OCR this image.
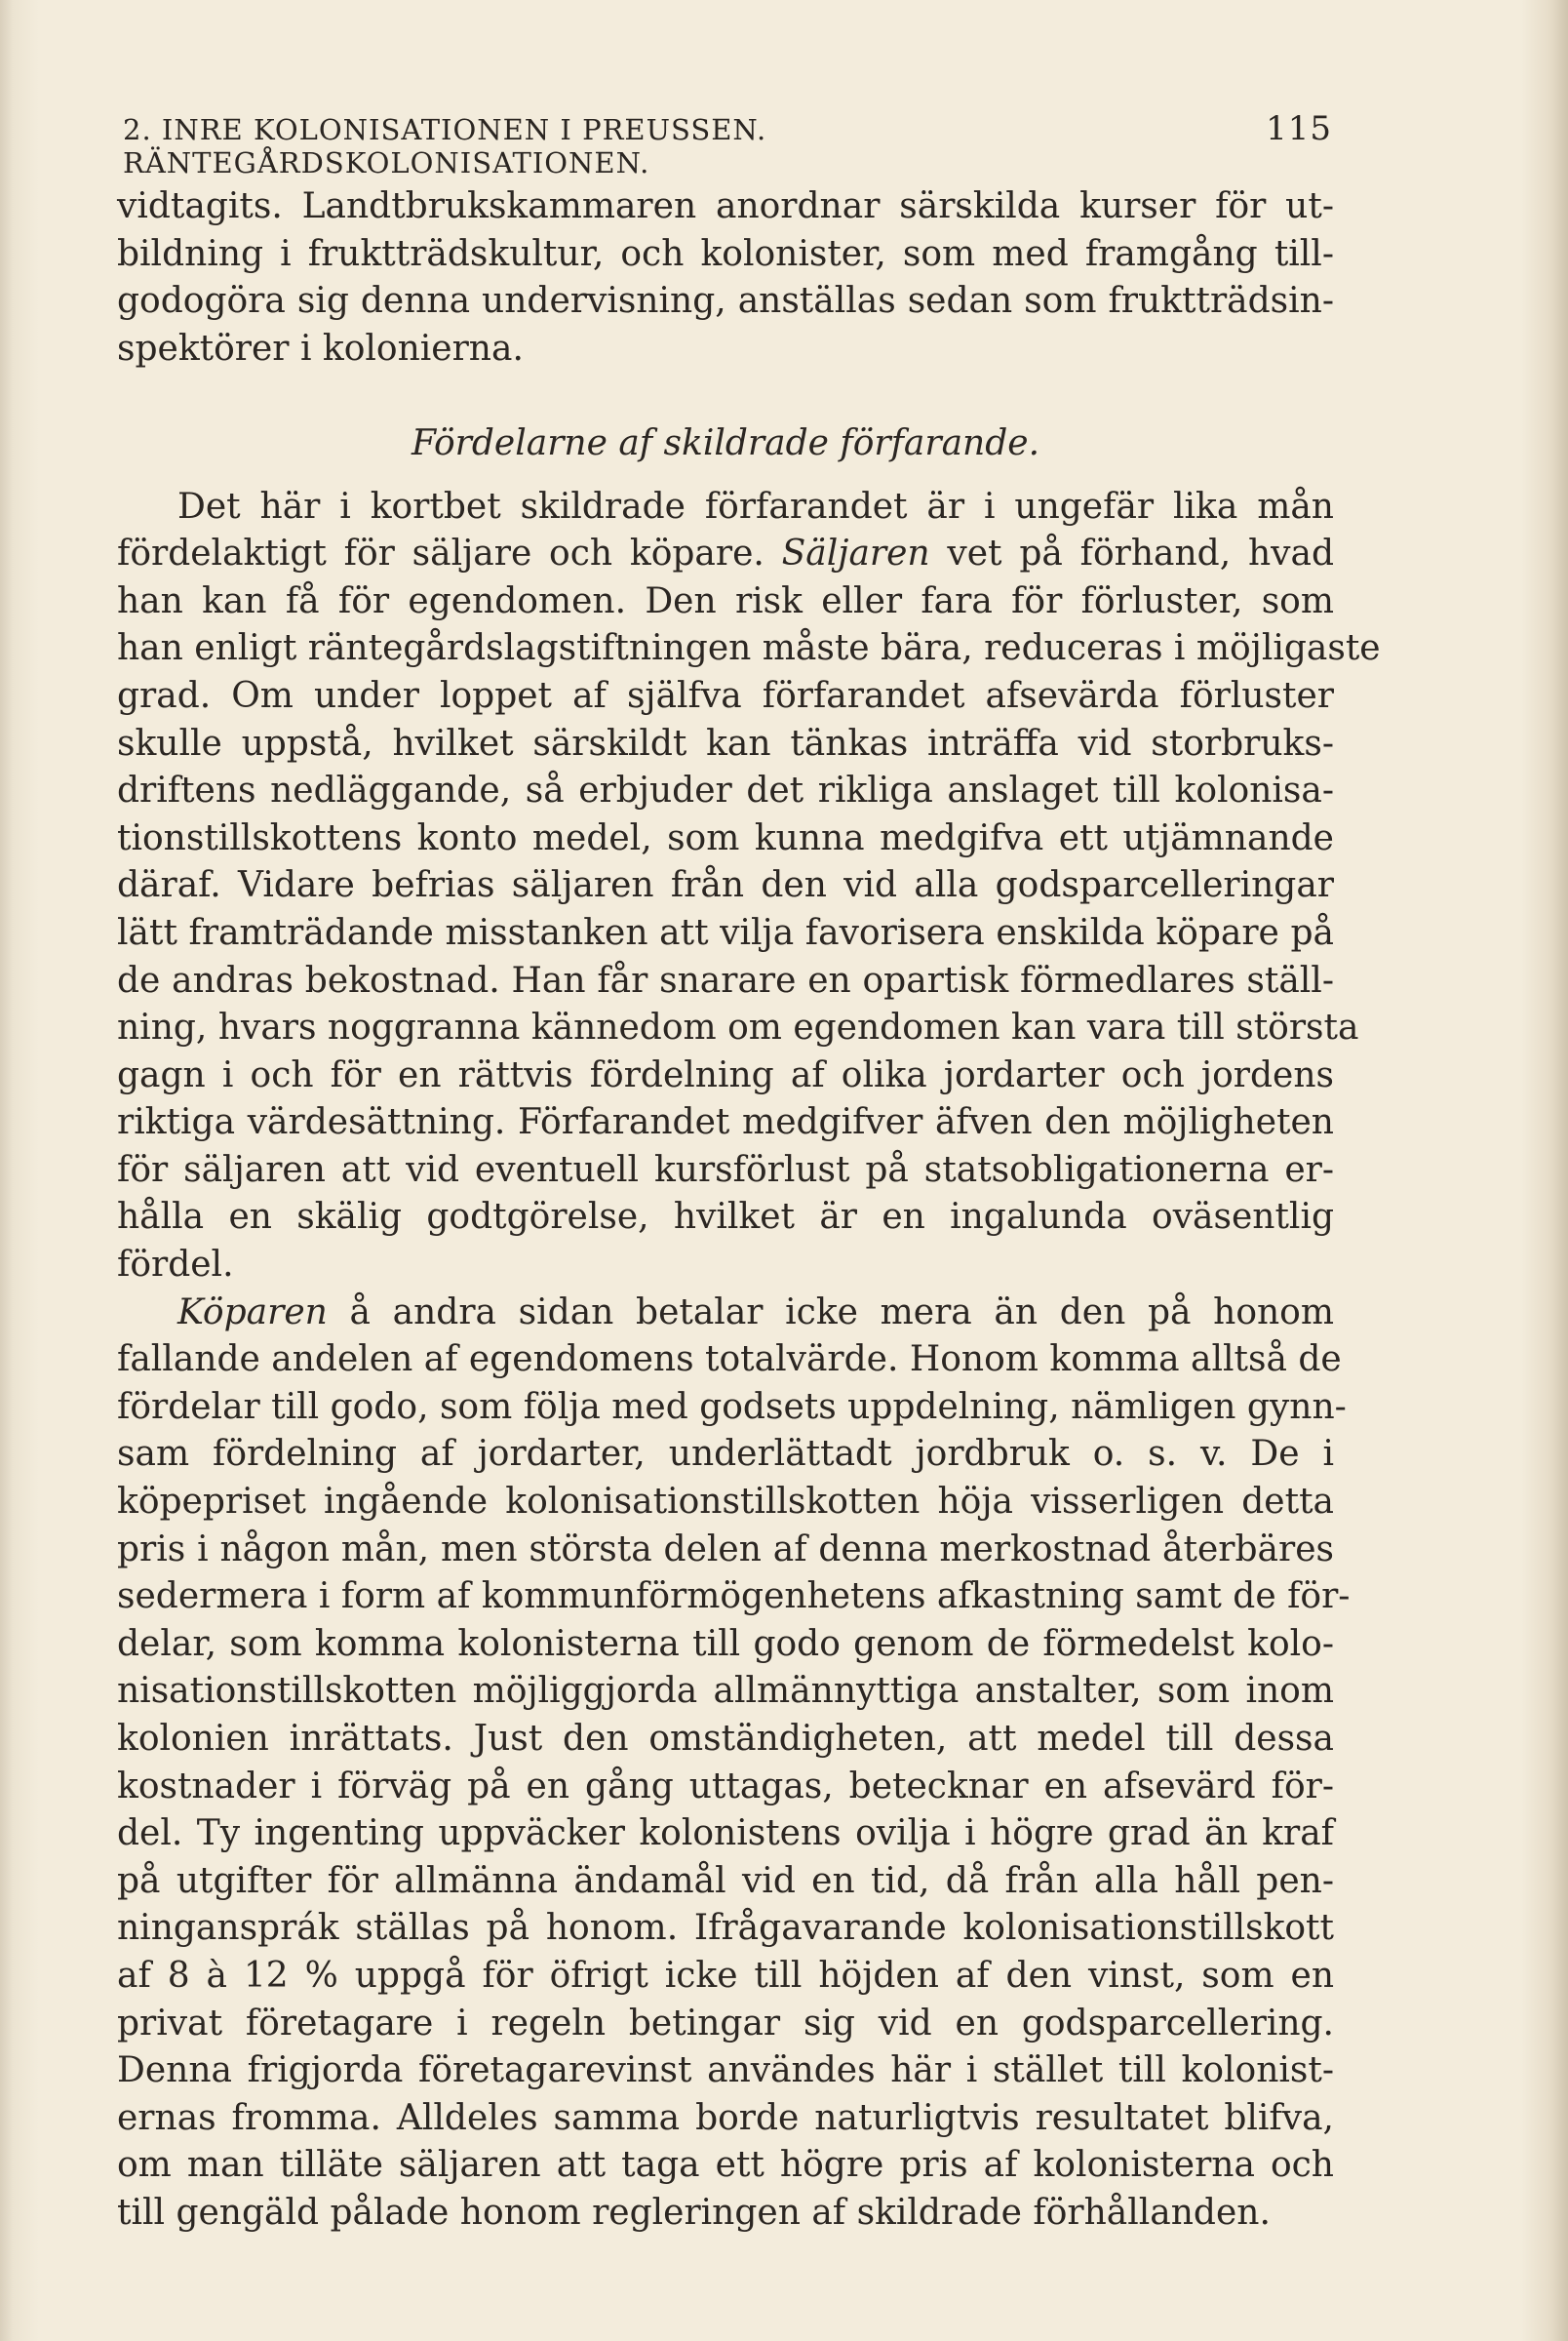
2. INRE KOLONISATIONEN I PREUSSEN. RÄNTEGÅRDSKOLONISATIONEN.
115
vidtagits. Landtbrukskammaren anordnar särskilda kurser för ut-
bildning i fruktträdskultur, och kolonister, som med framgång till-
godogöra sig denna undervisning, anställas sedan som fruktträdsin-
spektörer i kolonierna.
Fördelarne af skildrade förfarande.
Det här i kortbet skildrade förfarandet är i ungefär lika mån
fördelaktigt för säljare och köpare. Säljaren vet på förhand, hvad
han kan få för egendomen. Den risk eller fara för förluster, som
han enligt räntegårdslagstiftningen måste bära, reduceras i möjligaste
grad. Om under loppet af själfva förfarandet afsevärda förluster
skulle uppstå, hvilket särskildt kan tänkas inträffa vid storbruks-
driftens nedläggande, så erbjuder det rikliga anslaget till kolonisa-
tionstillskottens konto medel, som kunna medgifva ett utjämnande
däraf. Vidare befrias säljaren från den vid alla godsparcelleringar
lätt framträdande misstanken att vilja favorisera enskilda köpare på
de andras bekostnad. Han får snarare en opartisk förmedlares ställ-
ning, hvars noggranna kännedom om egendomen kan vara till största
gagn i och för en rättvis fördelning af olika jordarter och jordens
riktiga värdesättning. Förfarandet medgifver äfven den möjligheten
för säljaren att vid eventuell kursförlust på statsobligationerna er-
hålla en skälig godtgörelse, hvilket är en ingalunda oväsentlig
fördel.
Köparen å andra sidan betalar icke mera än den på honom
fallande andelen af egendomens totalvärde. Honom komma alltså de
fördelar till godo, som följa med godsets uppdelning, nämligen gynn-
sam fördelning af jordarter, underlättadt jordbruk o. s. v. De i
köpepriset ingående kolonisationstillskotten höja visserligen detta
pris i någon mån, men största delen af denna merkostnad återbäres
sedermera i form af kommunförmögenhetens afkastning samt de för-
delar, som komma kolonisterna till godo genom de förmedelst kolo-
nisationstillskotten möjliggjorda allmännyttiga anstalter, som inom
kolonien inrättats. Just den omständigheten, att medel till dessa
kostnader i förväg på en gång uttagas, betecknar en afsevärd för-
del. Ty ingenting uppväcker kolonistens ovilja i högre grad än kraf
på utgifter för allmänna ändamål vid en tid, då från alla håll pen-
ningansprák ställas på honom. Ifrågavarande kolonisationstillskott
af 8 à 12 % uppgå för öfrigt icke till höjden af den vinst, som en
privat företagare i regeln betingar sig vid en godsparcellering.
Denna frigjorda företagarevinst användes här i stället till kolonist-
ernas fromma. Alldeles samma borde naturligtvis resultatet blifva,
om man tilläte säljaren att taga ett högre pris af kolonisterna och
till gengäld pålade honom regleringen af skildrade förhållanden.
